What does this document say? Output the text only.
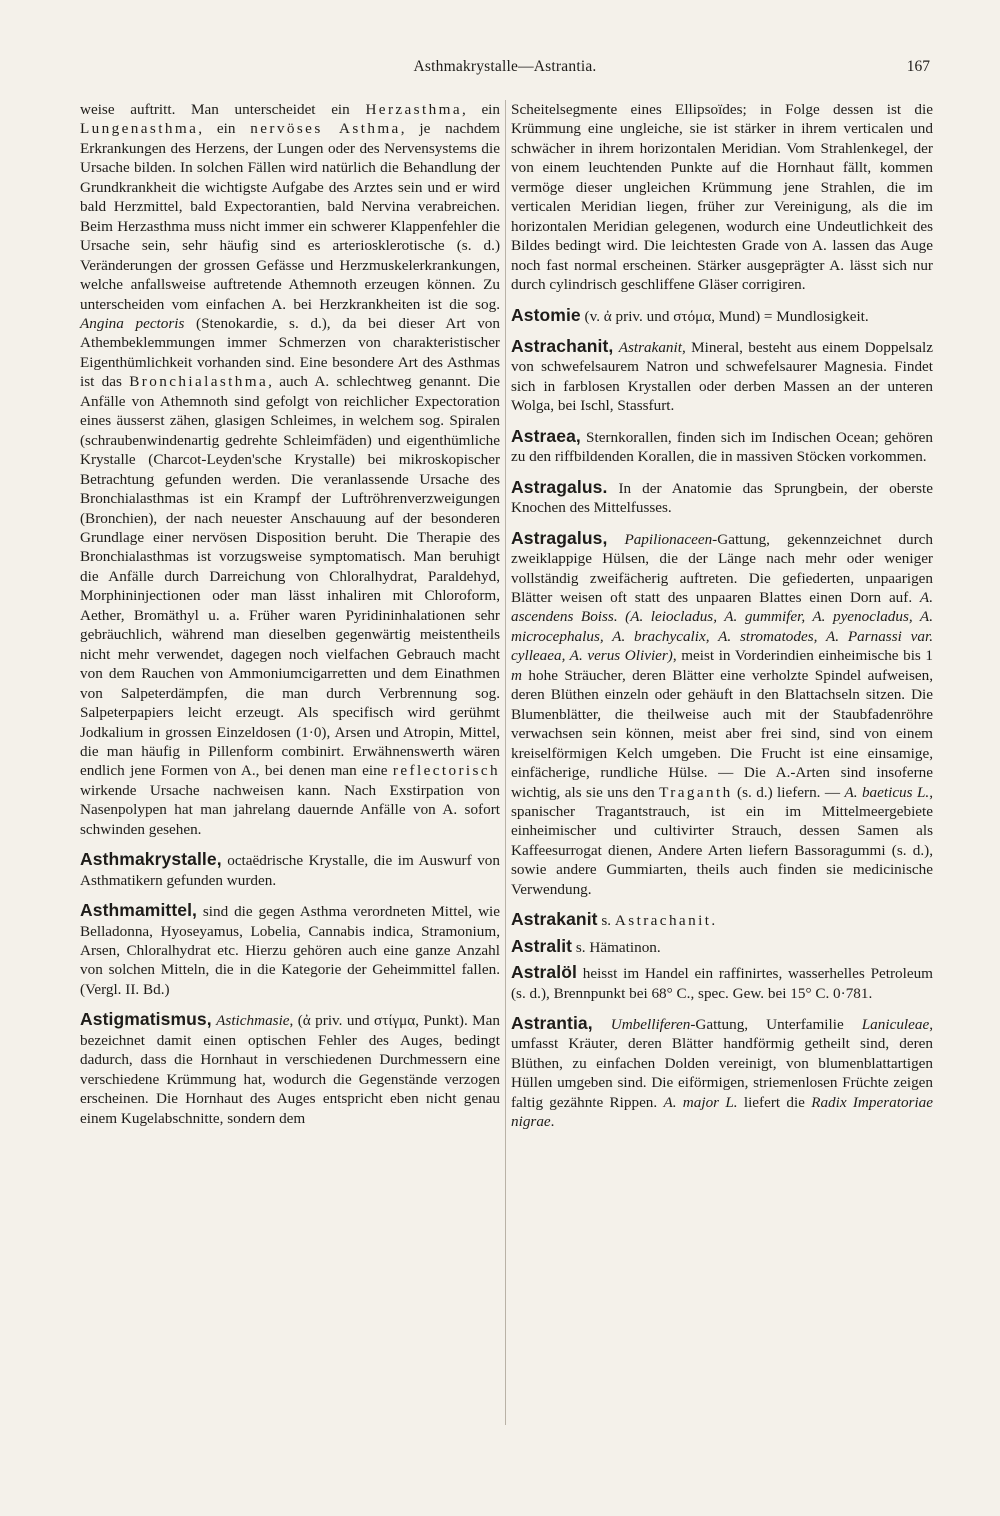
Asthmakrystalle—Astrantia.	167

weise auftritt. Man unterscheidet ein Herzasthma, ein Lungenasthma, ein nervöses Asthma, je nachdem Erkrankungen des Herzens, der Lungen oder des Nervensystems die Ursache bilden. In solchen Fällen wird natürlich die Behandlung der Grundkrankheit die wichtigste Aufgabe des Arztes sein und er wird bald Herzmittel, bald Expectorantien, bald Nervina verabreichen. Beim Herzasthma muss nicht immer ein schwerer Klappenfehler die Ursache sein, sehr häufig sind es arteriosklerotische (s. d.) Veränderungen der grossen Gefässe und Herzmuskelerkrankungen, welche anfallsweise auftretende Athemnoth erzeugen können. Zu unterscheiden vom einfachen A. bei Herzkrankheiten ist die sog. Angina pectoris (Stenokardie, s. d.), da bei dieser Art von Athembeklemmungen immer Schmerzen von charakteristischer Eigenthümlichkeit vorhanden sind. Eine besondere Art des Asthmas ist das Bronchialasthma, auch A. schlechtweg genannt. Die Anfälle von Athemnoth sind gefolgt von reichlicher Expectoration eines äusserst zähen, glasigen Schleimes, in welchem sog. Spiralen (schraubenwindenartig gedrehte Schleimfäden) und eigenthümliche Krystalle (Charcot-Leyden'sche Krystalle) bei mikroskopischer Betrachtung gefunden werden. Die veranlassende Ursache des Bronchialasthmas ist ein Krampf der Luftröhrenverzweigungen (Bronchien), der nach neuester Anschauung auf der besonderen Grundlage einer nervösen Disposition beruht. Die Therapie des Bronchialasthmas ist vorzugsweise symptomatisch. Man beruhigt die Anfälle durch Darreichung von Chloralhydrat, Paraldehyd, Morphininjectionen oder man lässt inhaliren mit Chloroform, Aether, Bromäthyl u. a. Früher waren Pyridininhalationen sehr gebräuchlich, während man dieselben gegenwärtig meistentheils nicht mehr verwendet, dagegen noch vielfachen Gebrauch macht von dem Rauchen von Ammoniumcigarretten und dem Einathmen von Salpeterdämpfen, die man durch Verbrennung sog. Salpeterpapiers leicht erzeugt. Als specifisch wird gerühmt Jodkalium in grossen Einzeldosen (1·0), Arsen und Atropin, Mittel, die man häufig in Pillenform combinirt. Erwähnenswerth wären endlich jene Formen von A., bei denen man eine reflectorisch wirkende Ursache nachweisen kann. Nach Exstirpation von Nasenpolypen hat man jahrelang dauernde Anfälle von A. sofort schwinden gesehen.

Asthmakrystalle, octaëdrische Krystalle, die im Auswurf von Asthmatikern gefunden wurden.

Asthmamittel, sind die gegen Asthma verordneten Mittel, wie Belladonna, Hyoseyamus, Lobelia, Cannabis indica, Stramonium, Arsen, Chloralhydrat etc. Hierzu gehören auch eine ganze Anzahl von solchen Mitteln, die in die Kategorie der Geheimmittel fallen. (Vergl. II. Bd.)

Astigmatismus, Astichmasie, (ἀ priv. und στίγμα, Punkt). Man bezeichnet damit einen optischen Fehler des Auges, bedingt dadurch, dass die Hornhaut in verschiedenen Durchmessern eine verschiedene Krümmung hat, wodurch die Gegenstände verzogen erscheinen. Die Hornhaut des Auges entspricht eben nicht genau einem Kugelabschnitte, sondern dem

Scheitelsegmente eines Ellipsoïdes; in Folge dessen ist die Krümmung eine ungleiche, sie ist stärker in ihrem verticalen und schwächer in ihrem horizontalen Meridian. Vom Strahlenkegel, der von einem leuchtenden Punkte auf die Hornhaut fällt, kommen vermöge dieser ungleichen Krümmung jene Strahlen, die im verticalen Meridian liegen, früher zur Vereinigung, als die im horizontalen Meridian gelegenen, wodurch eine Undeutlichkeit des Bildes bedingt wird. Die leichtesten Grade von A. lassen das Auge noch fast normal erscheinen. Stärker ausgeprägter A. lässt sich nur durch cylindrisch geschliffene Gläser corrigiren.

Astomie (v. ἀ priv. und στόμα, Mund) = Mundlosigkeit.

Astrachanit, Astrakanit, Mineral, besteht aus einem Doppelsalz von schwefelsaurem Natron und schwefelsaurer Magnesia. Findet sich in farblosen Krystallen oder derben Massen an der unteren Wolga, bei Ischl, Stassfurt.

Astraea, Sternkorallen, finden sich im Indischen Ocean; gehören zu den riffbildenden Korallen, die in massiven Stöcken vorkommen.

Astragalus. In der Anatomie das Sprungbein, der oberste Knochen des Mittelfusses.

Astragalus, Papilionaceen-Gattung, gekennzeichnet durch zweiklappige Hülsen, die der Länge nach mehr oder weniger vollständig zweifächerig auftreten. Die gefiederten, unpaarigen Blätter weisen oft statt des unpaaren Blattes einen Dorn auf. A. ascendens Boiss. (A. leiocladus, A. gummifer, A. pyenocladus, A. microcephalus, A. brachycalix, A. stromatodes, A. Parnassi var. cylleaea, A. verus Olivier), meist in Vorderindien einheimische bis 1 m hohe Sträucher, deren Blätter eine verholzte Spindel aufweisen, deren Blüthen einzeln oder gehäuft in den Blattachseln sitzen. Die Blumenblätter, die theilweise auch mit der Staubfadenröhre verwachsen sein können, meist aber frei sind, sind von einem kreiselförmigen Kelch umgeben. Die Frucht ist eine einsamige, einfächerige, rundliche Hülse. — Die A.-Arten sind insoferne wichtig, als sie uns den Traganth (s. d.) liefern. — A. baeticus L., spanischer Tragantstrauch, ist ein im Mittelmeergebiete einheimischer und cultivirter Strauch, dessen Samen als Kaffeesurrogat dienen, Andere Arten liefern Bassoragummi (s. d.), sowie andere Gummiarten, theils auch finden sie medicinische Verwendung.

Astrakanit s. Astrachanit.

Astralit s. Hämatinon.

Astralöl heisst im Handel ein raffinirtes, wasserhelles Petroleum (s. d.), Brennpunkt bei 68° C., spec. Gew. bei 15° C. 0·781.

Astrantia, Umbelliferen-Gattung, Unterfamilie Laniculeae, umfasst Kräuter, deren Blätter handförmig getheilt sind, deren Blüthen, zu einfachen Dolden vereinigt, von blumenblattartigen Hüllen umgeben sind. Die eiförmigen, striemenlosen Früchte zeigen faltig gezähnte Rippen. A. major L. liefert die Radix Imperatoriae nigrae.
